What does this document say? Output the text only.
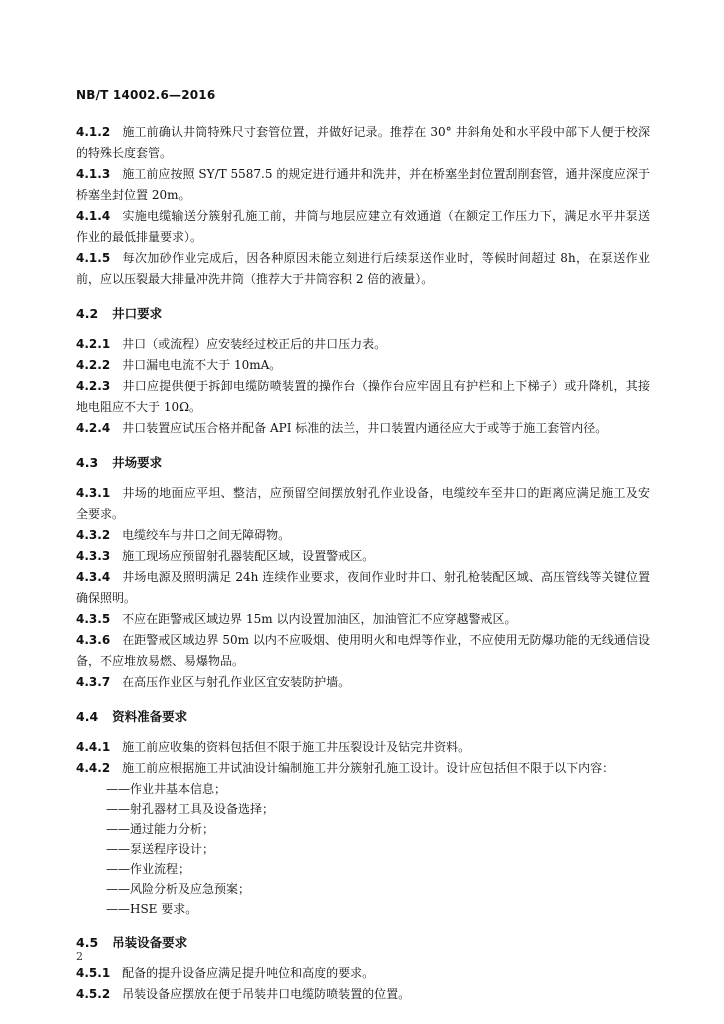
NB/T 14002.6—2016

4.1.2 施工前确认井筒特殊尺寸套管位置，并做好记录。推荐在 30° 井斜角处和水平段中部下人便于校深的特殊长度套管。

4.1.3 施工前应按照 SY/T 5587.5 的规定进行通井和洗井，并在桥塞坐封位置刮削套管，通井深度应深于桥塞坐封位置 20m。

4.1.4 实施电缆输送分簇射孔施工前，井筒与地层应建立有效通道（在额定工作压力下，满足水平井泵送作业的最低排量要求）。

4.1.5 每次加砂作业完成后，因各种原因未能立刻进行后续泵送作业时，等候时间超过 8h，在泵送作业前，应以压裂最大排量冲洗井筒（推荐大于井筒容积 2 倍的液量）。

4.2 井口要求

4.2.1 井口（或流程）应安装经过校正后的井口压力表。

4.2.2 井口漏电电流不大于 10mA。

4.2.3 井口应提供便于拆卸电缆防喷装置的操作台（操作台应牢固且有护栏和上下梯子）或升降机，其接地电阻应不大于 10Ω。

4.2.4 井口装置应试压合格并配备 API 标准的法兰，井口装置内通径应大于或等于施工套管内径。

4.3 井场要求

4.3.1 井场的地面应平坦、整洁，应预留空间摆放射孔作业设备，电缆绞车至井口的距离应满足施工及安全要求。

4.3.2 电缆绞车与井口之间无障碍物。

4.3.3 施工现场应预留射孔器装配区域，设置警戒区。

4.3.4 井场电源及照明满足 24h 连续作业要求，夜间作业时井口、射孔枪装配区域、高压管线等关键位置确保照明。

4.3.5 不应在距警戒区域边界 15m 以内设置加油区，加油管汇不应穿越警戒区。

4.3.6 在距警戒区域边界 50m 以内不应吸烟、使用明火和电焊等作业，不应使用无防爆功能的无线通信设备，不应堆放易燃、易爆物品。

4.3.7 在高压作业区与射孔作业区宜安装防护墙。

4.4 资料准备要求

4.4.1 施工前应收集的资料包括但不限于施工井压裂设计及钻完井资料。

4.4.2 施工前应根据施工井试油设计编制施工井分簇射孔施工设计。设计应包括但不限于以下内容：

——作业井基本信息；
——射孔器材工具及设备选择；
——通过能力分析；
——泵送程序设计；
——作业流程；
——风险分析及应急预案；
——HSE 要求。
4.5 吊装设备要求

4.5.1 配备的提升设备应满足提升吨位和高度的要求。

4.5.2 吊装设备应摆放在便于吊装井口电缆防喷装置的位置。

2
